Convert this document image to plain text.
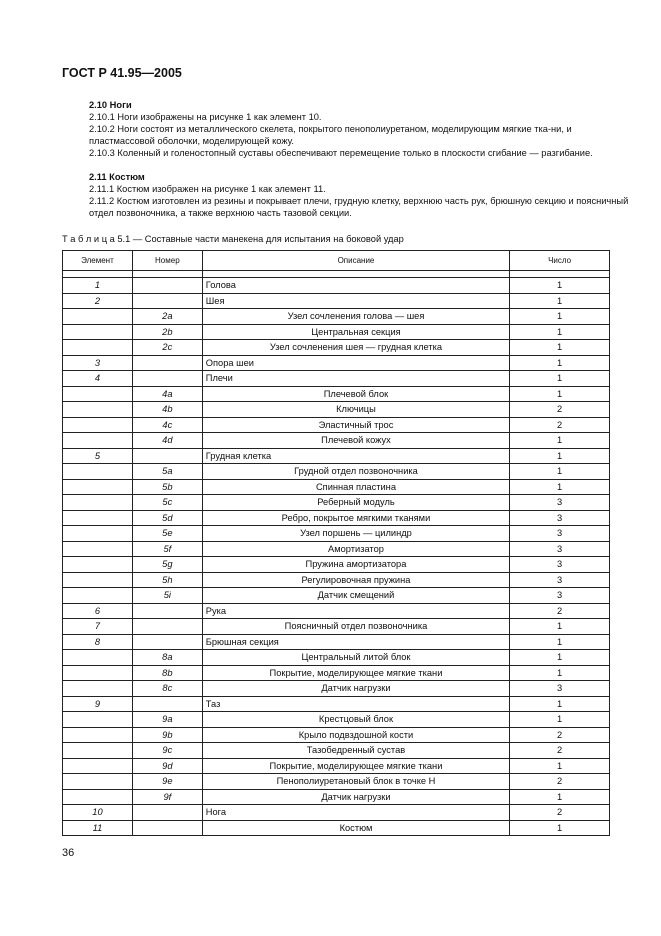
ГОСТ Р 41.95—2005
2.10 Ноги
2.10.1 Ноги изображены на рисунке 1 как элемент 10.
2.10.2 Ноги состоят из металлического скелета, покрытого пенополиуретаном, моделирующим мягкие тка-ни, и пластмассовой оболочки, моделирующей кожу.
2.10.3 Коленный и голеностопный суставы обеспечивают перемещение только в плоскости сгибание — разгибание.
2.11 Костюм
2.11.1 Костюм изображен на рисунке 1 как элемент 11.
2.11.2 Костюм изготовлен из резины и покрывает плечи, грудную клетку, верхнюю часть рук, брюшную секцию и поясничный отдел позвоночника, а также верхнюю часть тазовой секции.
Т а б л и ц а 5.1 — Составные части манекена для испытания на боковой удар
Элемент	Номер	Описание	Число

1		Голова	1
2		Шея	1
	2a	Узел сочленения голова — шея	1
	2b	Центральная секция	1
	2c	Узел сочленения шея — грудная клетка	1
3		Опора шеи	1
4		Плечи	1
	4a	Плечевой блок	1
	4b	Ключицы	2
	4c	Эластичный трос	2
	4d	Плечевой кожух	1
5		Грудная клетка	1
	5a	Грудной отдел позвоночника	1
	5b	Спинная пластина	1
	5c	Реберный модуль	3
	5d	Ребро, покрытое мягкими тканями	3
	5e	Узел поршень — цилиндр	3
	5f	Амортизатор	3
	5g	Пружина амортизатора	3
	5h	Регулировочная пружина	3
	5i	Датчик смещений	3
6		Рука	2
7		Поясничный отдел позвоночника	1
8		Брюшная секция	1
	8a	Центральный литой блок	1
	8b	Покрытие, моделирующее мягкие ткани	1
	8c	Датчик нагрузки	3
9		Таз	1
	9a	Крестцовый блок	1
	9b	Крыло подвздошной кости	2
	9c	Тазобедренный сустав	2
	9d	Покрытие, моделирующее мягкие ткани	1
	9e	Пенополиуретановый блок в точке H	2
	9f	Датчик нагрузки	1
10		Нога	2
11		Костюм	1
36
